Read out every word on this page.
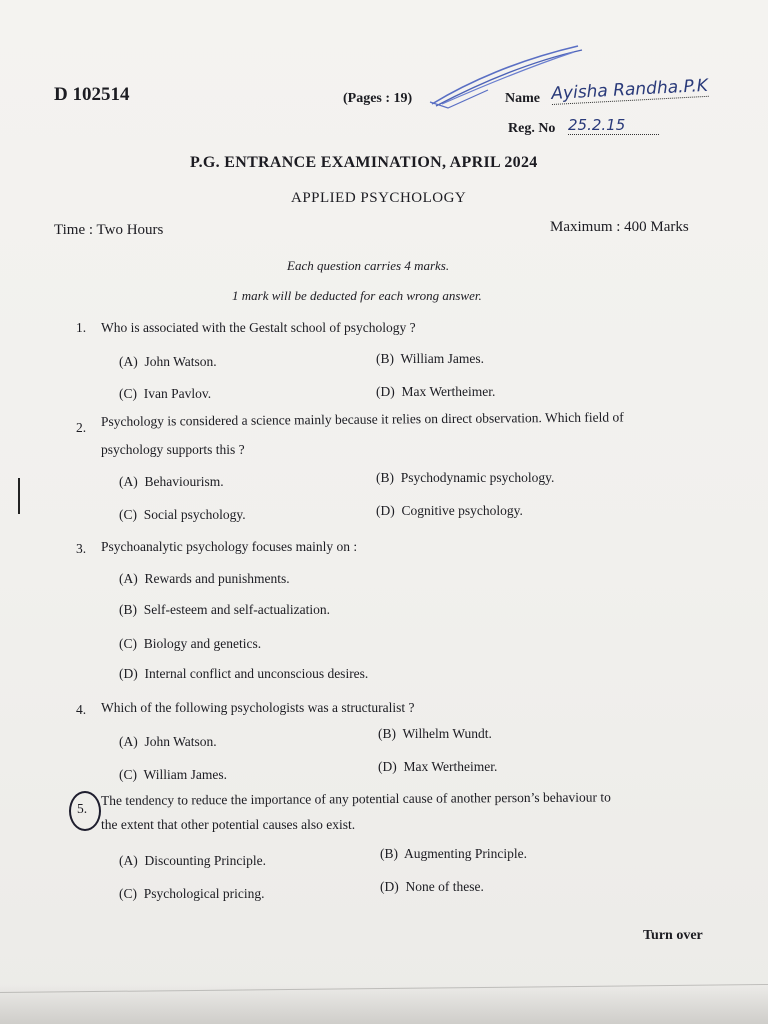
D 102514	(Pages : 19)	Name Ayisha Randha.P.K
Reg. No 25.2.15
P.G. ENTRANCE EXAMINATION, APRIL 2024
APPLIED PSYCHOLOGY
Time : Two Hours	Maximum : 400 Marks
Each question carries 4 marks.
1 mark will be deducted for each wrong answer.
1. Who is associated with the Gestalt school of psychology ?
(A) John Watson.	(B) William James.
(C) Ivan Pavlov.	(D) Max Wertheimer.
2. Psychology is considered a science mainly because it relies on direct observation. Which field of
psychology supports this ?
(A) Behaviourism.	(B) Psychodynamic psychology.
(C) Social psychology.	(D) Cognitive psychology.
3. Psychoanalytic psychology focuses mainly on :
(A) Rewards and punishments.
(B) Self-esteem and self-actualization.
(C) Biology and genetics.
(D) Internal conflict and unconscious desires.
4. Which of the following psychologists was a structuralist ?
(A) John Watson.
(B) Wilhelm Wundt.
(C) William James.
(D) Max Wertheimer.
5.
The tendency to reduce the importance of any potential cause of another person’s behaviour to
the extent that other potential causes also exist.
(A) Discounting Principle.	(B) Augmenting Principle.
(C) Psychological pricing.	(D) None of these.
Turn over
